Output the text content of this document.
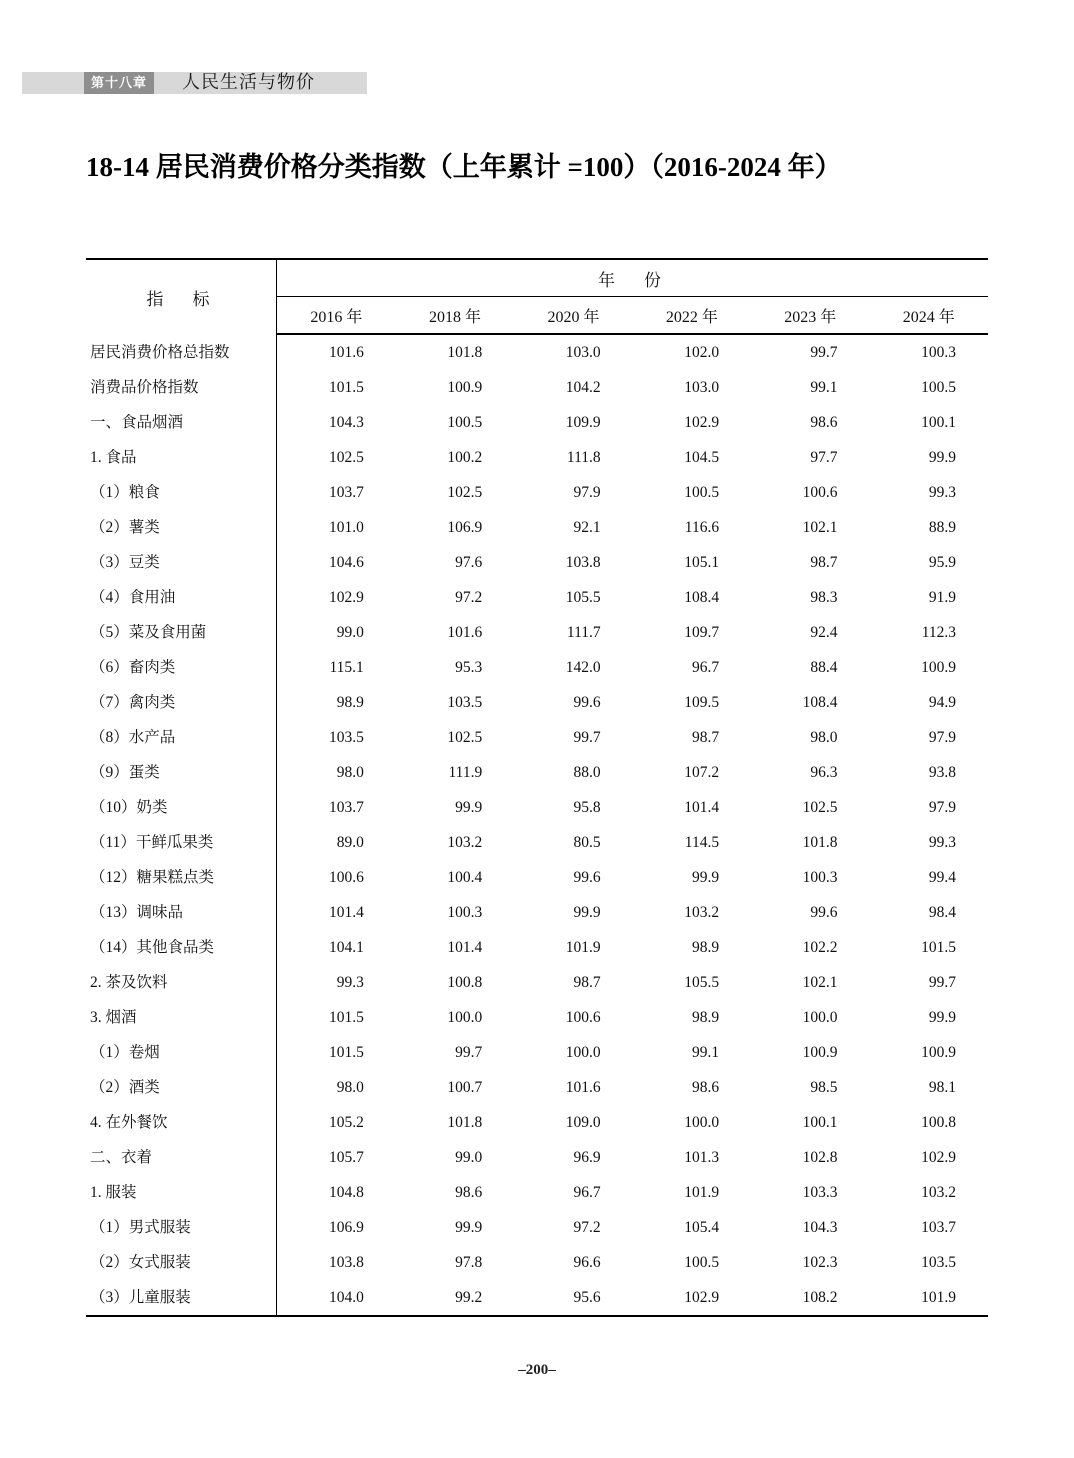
第十八章	人民生活与物价
18-14 居民消费价格分类指数（上年累计 =100）（2016-2024 年）
指　标	年　份					
	2016 年	2018 年	2020 年	2022 年	2023 年	2024 年
居民消费价格总指数	101.6	101.8	103.0	102.0	99.7	100.3
消费品价格指数	101.5	100.9	104.2	103.0	99.1	100.5
一、食品烟酒	104.3	100.5	109.9	102.9	98.6	100.1
1. 食品	102.5	100.2	111.8	104.5	97.7	99.9
（1）粮食	103.7	102.5	97.9	100.5	100.6	99.3
（2）薯类	101.0	106.9	92.1	116.6	102.1	88.9
（3）豆类	104.6	97.6	103.8	105.1	98.7	95.9
（4）食用油	102.9	97.2	105.5	108.4	98.3	91.9
（5）菜及食用菌	99.0	101.6	111.7	109.7	92.4	112.3
（6）畜肉类	115.1	95.3	142.0	96.7	88.4	100.9
（7）禽肉类	98.9	103.5	99.6	109.5	108.4	94.9
（8）水产品	103.5	102.5	99.7	98.7	98.0	97.9
（9）蛋类	98.0	111.9	88.0	107.2	96.3	93.8
（10）奶类	103.7	99.9	95.8	101.4	102.5	97.9
（11）干鲜瓜果类	89.0	103.2	80.5	114.5	101.8	99.3
（12）糖果糕点类	100.6	100.4	99.6	99.9	100.3	99.4
（13）调味品	101.4	100.3	99.9	103.2	99.6	98.4
（14）其他食品类	104.1	101.4	101.9	98.9	102.2	101.5
2. 茶及饮料	99.3	100.8	98.7	105.5	102.1	99.7
3. 烟酒	101.5	100.0	100.6	98.9	100.0	99.9
（1）卷烟	101.5	99.7	100.0	99.1	100.9	100.9
（2）酒类	98.0	100.7	101.6	98.6	98.5	98.1
4. 在外餐饮	105.2	101.8	109.0	100.0	100.1	100.8
二、衣着	105.7	99.0	96.9	101.3	102.8	102.9
1. 服装	104.8	98.6	96.7	101.9	103.3	103.2
（1）男式服装	106.9	99.9	97.2	105.4	104.3	103.7
（2）女式服装	103.8	97.8	96.6	100.5	102.3	103.5
（3）儿童服装	104.0	99.2	95.6	102.9	108.2	101.9
–200–
